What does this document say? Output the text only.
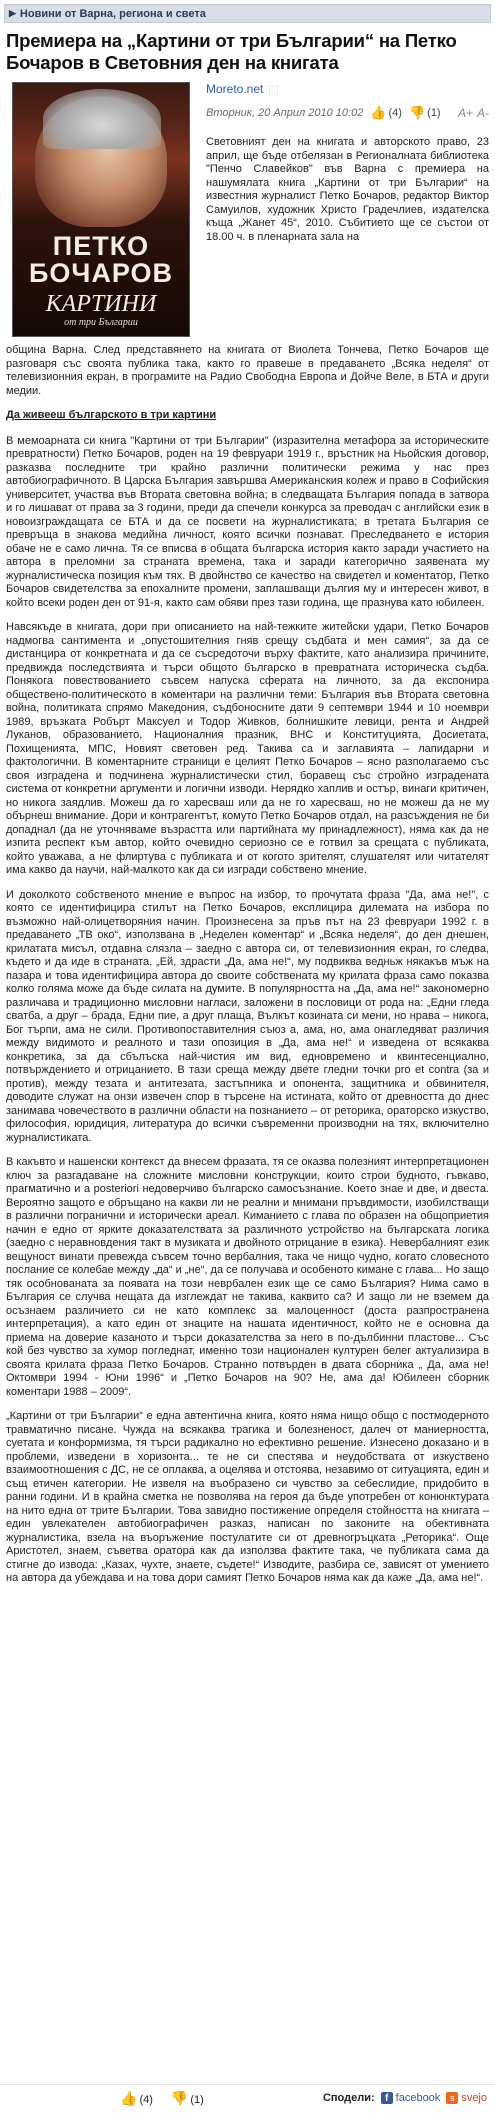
▶ Новини от Варна, региона и света
Премиера на „Картини от три Българии“ на Петко Бочаров в Световния ден на книгата
ПЕТКО
БОЧАРОВ
КАРТИНИ
от три Българии
Moreto.net ⬚
Вторник, 20 Април 2010 10:02 👍 (4) 👎 (1) A+ A-
Световният ден на книгата и авторското право, 23 април, ще бъде отбелязан в Регионалната библиотека "Пенчо Славейков" във Варна с премиера на нашумялата книга „Картини от три Българии“ на известния журналист Петко Бочаров, редактор Виктор Самуилов, художник Христо Градечлиев, издателска къща „Жанет 45“, 2010. Събитието ще се състои от 18.00 ч. в пленарната зала на
община Варна. След представянето на книгата от Виолета Тончева, Петко Бочаров ще разговаря със своята публика така, както го правеше в предаването „Всяка неделя“ от телевизионния екран, в програмите на Радио Свободна Европа и Дойче Веле, в БТА и други медии.
Да живееш българското в три картини
В мемоарната си книга "Картини от три Българии" (изразителна метафора за историческите превратности) Петко Бочаров, роден на 19 февруари 1919 г., връстник на Ньойския договор, разказва последните три крайно различни политически режима у нас през автобиографичното. В Царска България завършва Американския колеж и право в Софийския университет, участва във Втората световна война; в следващата България попада в затвора и го лишават от права за 3 години, преди да спечели конкурса за преводач с английски език в новоизграждащата се БТА и да се посвети на журналистиката; в третата България се превръща в знакова медийна личност, която всички познават. Преследването е история обаче не е само лична. Тя се вписва в общата българска история както заради участието на автора в преломни за страната времена, така и заради категорично заявената му журналистическа позиция към тях. В двойнство се качество на свидетел и коментатор, Петко Бочаров свидетелства за епохалните промени, заплашващи дългия му и интересен живот, в който всеки роден ден от 91-я, както сам обяви през тази година, ще празнува като юбилеен.
Навсякъде в книгата, дори при описанието на най-тежките житейски удари, Петко Бочаров надмогва сантимента и „опустошителния гняв срещу съдбата и мен самия“, за да се дистанцира от конкретната и да се съсредоточи върху фактите, като анализира причините, предвижда последствията и търси общото българско в превратната историческа съдба. Понякога повествованието съвсем напуска сферата на личното, за да експонира обществено-политическото в коментари на различни теми: България във Втората световна война, политиката спрямо Македония, съдбоносните дати 9 септември 1944 и 10 ноември 1989, връзката Робърт Максуел и Тодор Живков, болнишките левици, рента и Андрей Луканов, образованието, Националния празник, ВНС и Конституцията, Досиетата, Похищенията, МПС, Новият световен ред. Такива са и заглавията – лапидарни и фактологични. В коментарните страници е целият Петко Бочаров – ясно разполагаемо със своя изградена и подчинена журналистически стил, боравещ със стройно изградената система от конкретни аргументи и логични изводи. Нерядко хаплив и остър, винаги критичен, но никога заядлив. Можеш да го харесваш или да не го харесваш, но не можеш да не му обърнеш внимание. Дори и контрагентът, комуто Петко Бочаров отдал, на разсъждения не би допаднал (да не уточняваме възрастта или партийната му принадлежност), няма как да не изпита респект към автор, който очевидно сериозно се е готвил за срещата с публиката, който уважава, а не флиртува с публиката и от когото зрителят, слушателят или читателят има какво да научи, най-малкото как да си изгради собствено мнение.
И доколкото собственото мнение е въпрос на избор, то прочутата фраза "Да, ама не!", с която се идентифицира стилът на Петко Бочаров, експлицира дилемата на избора по възможно най-олицетворяния начин. Произнесена за пръв път на 23 февруари 1992 г. в предаването „ТВ око“, използвана в „Неделен коментар“ и „Всяка неделя“, до ден днешен, крилатата мисъл, отдавна слязла – заедно с автора си, от телевизионния екран, го следва, където и да идe в страната. „Ей, здрасти „Да, ама не!“, му подвиква ведньж някакъв мъж на пазара и това идентифицира автора до своите собствената му крилата фраза само показва колко голяма може да бъде силата на думите. В популярността на „Да, ама не!“ закономерно различава и традиционно мисловни нагласи, заложени в пословици от рода на: „Едни гледа сватба, а друг – брада, Едни пие, а друг плаща, Вълкът козината си мени, но нрава – никога, Бог търпи, ама не сили. Противопоставителния съюз а, ама, но, ама онагледяват различия между видимото и реалното и тази опозиция в „Да, ама не!“ и изведена от всякаква конкретика, за да сбълъска най-чистия им вид, едновремено и квинтесенциално, потвърждението и отрицанието. В тази среща между двете гледни точки pro et contra (за и против), между тезата и антитезата, застъпника и опонента, защитника и обвинителя, доводите служат на онзи извечен спор в търсене на истината, който от древността до днес занимава човечеството в различни области на познанието – от реторика, ораторско изкуство, философия, юридиция, литература до всички съвременни производни на тях, включително журналистиката.
В какъвто и нашенски контекст да внесем фразата, тя се оказва полезният интерпретационен ключ за разгадаване на сложните мисловни конструкции, които строи будното, гъвкаво, прагматично и a posteriori недоверчиво българско самосъзнание. Което знае и две, и двеста. Вероятно защото е обръщано на какви ли не реални и мнимани пръвдимости, изобилстващи в различни погранични и исторически ареал. Киманието с глава по образен на общоприетия начин е едно от ярките доказателствата за различното устройство на българската логика (заедно с неравновдения такт в музиката и двойното отрицание в езика). Невербалният език вещуност винати превежда съвсем точно вербалния, така че нищо чудно, когато словесното послание се колебае между „да“ и „не“, да се получава и особеното кимане с глава... Но защо тяк особнованата за появата на този неврбален език ще се само България? Нима само в България се случва нещата да изглеждат не такива, каквито са? И защо ли не вземем да осъзнаем различието си не като комплекс за малоценност (доста разпространена интерпретация), а като един от знаците на нашата идентичност, който не е основна да приема на доверие казаното и търси доказателства за него в по-дълбинни пластове... Със кой без чувство за хумор погледнат, именно този национален културен белег актуализира в своята крилата фраза Петко Бочаров. Странно потвърден в двата сборника „ Да, ама не! Октомври 1994 - Юни 1996“ и „Петко Бочаров на 90? Не, ама да! Юбилеен сборник коментари 1988 – 2009“.
„Картини от три Българии“ е една автентична книга, която няма нищо общо с постмодерното травматично писане. Чужда на всякаква трагика и болезненост, далеч от маниерността, суетата и конформизма, тя търси радикално но ефективно решение. Изнесено доказано и в проблеми, изведени в хоризонта... те не си спестява и неудобствата от изкуствено взаимоотношения с ДС, не се оплаква, а оцелява и отстоява, незавимо от ситуацията, един и същ етичен категории. Не извеля на въобразено си чувство за себеслидие, придобито в ранни години. И в крайна сметка не позволява на героя да бъде употребен от конюнктурата на нито една от трите Българии. Това завидно постижение определя стойността на книгата – един увлекателен автобиографичен разказ, написан по законите на обективната журналистика, взела на въоръжение постулатите си от древногръцката „Реторика“. Още Аристотел, знаем, съветва оратора как да използва фактите така, че публиката сама да стигне до извода: „Казах, чухте, знаете, съдете!“ Изводите, разбира се, зависят от умението на автора да убеждава и на това дори самият Петко Бочаров няма как да каже „Да, ама не!“.
👍 (4) 👎 (1)	Сподели:	f facebook	s svejo
